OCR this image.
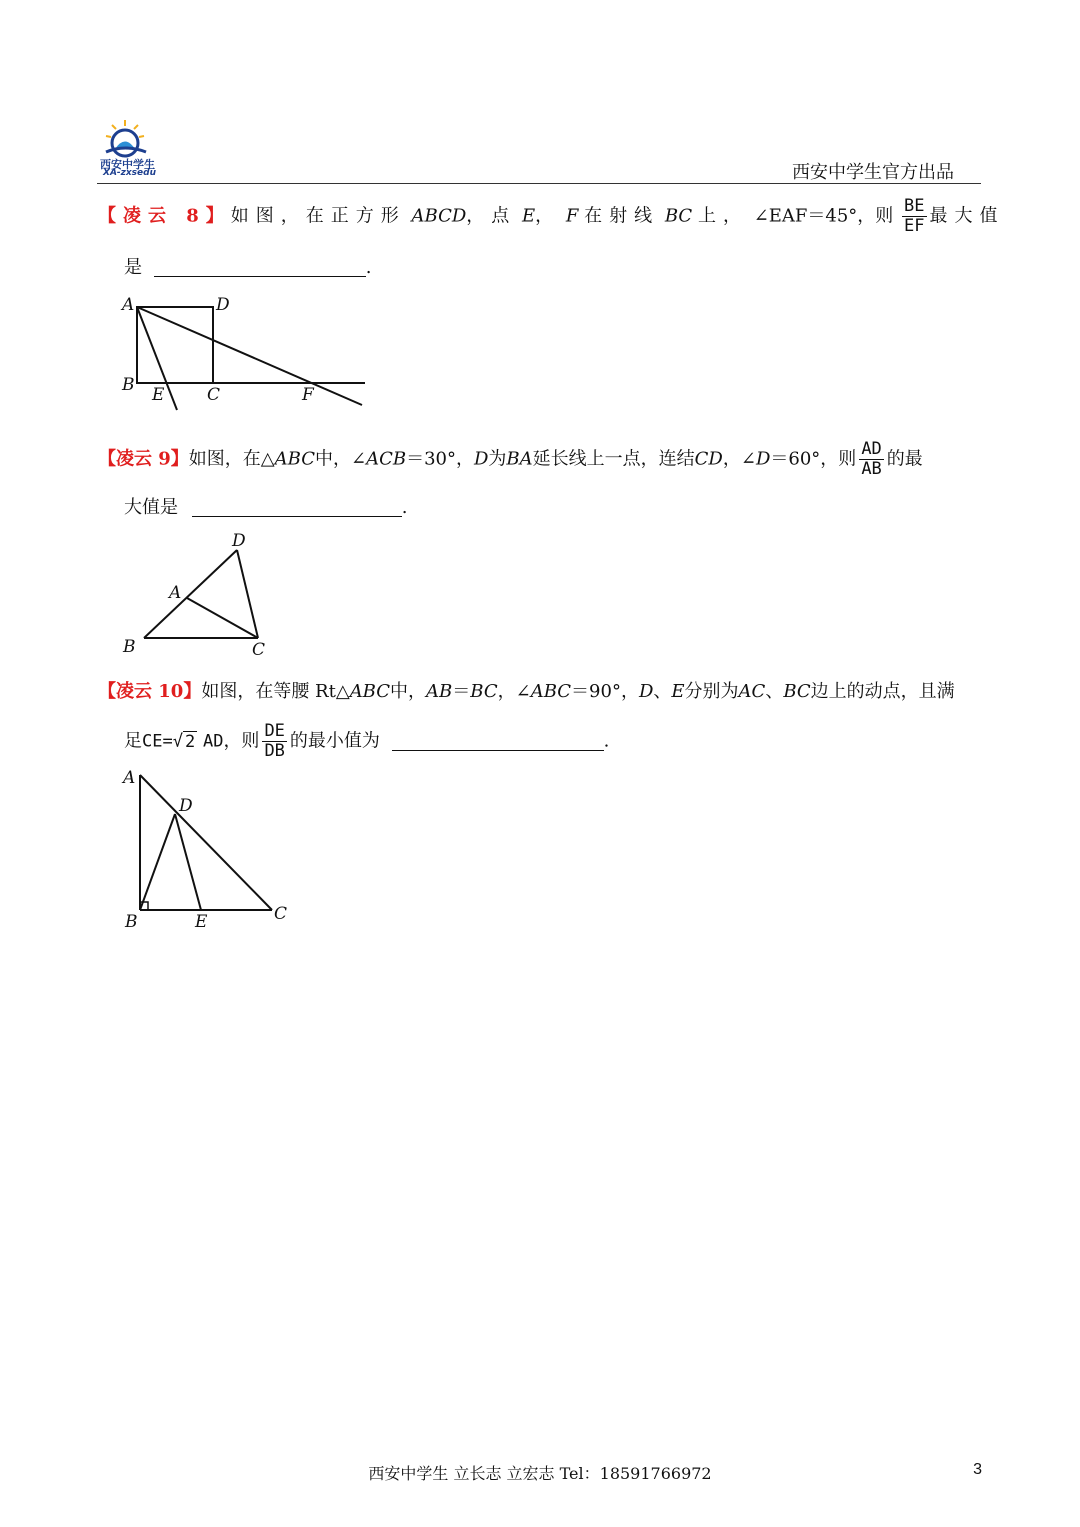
西安中学生
XA-zxsedu	西安中学生官方出品
【凌云 8】如图，在正方形 ABCD，点 E， F 在射线 BC 上， ∠EAF＝45°，则 $\frac{BE}{EF}$ 最大值
是	.
A	D
B E	C	F
【凌云 9】如图，在△ABC中，∠ACB＝30°，D为BA延长线上一点，连结CD，∠D＝60°，则 $\frac{AD}{AB}$ 的最
大值是	.
D
A
B	C
【凌云 10】如图，在等腰 Rt△ABC中，AB＝BC，∠ABC＝90°，D、E分别为AC、BC边上的动点，且满
足CE=√ 2 AD，则 $\frac{DE}{DB}$ 的最小值为	.
A
D
B	E	C
西安中学生 立长志 立宏志 Tel：18591766972	3
